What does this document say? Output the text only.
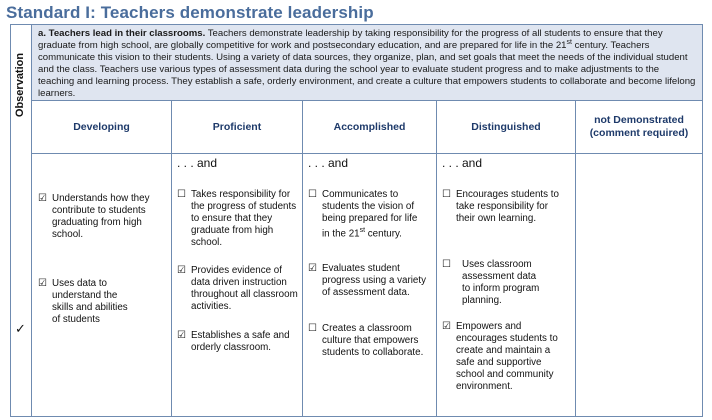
Standard I: Teachers demonstrate leadership
Observation
a. Teachers lead in their classrooms. Teachers demonstrate leadership by taking responsibility for the progress of all students to ensure that they graduate from high school, are globally competitive for work and postsecondary education, and are prepared for life in the 21st century. Teachers communicate this vision to their students. Using a variety of data sources, they organize, plan, and set goals that meet the needs of the individual student and the class. Teachers use various types of assessment data during the school year to evaluate student progress and to make adjustments to the teaching and learning process. They establish a safe, orderly environment, and create a culture that empowers students to collaborate and become lifelong learners.
Developing	Proficient	Accomplished	Distinguished
not Demonstrated
(comment required)
✓
☑ Understands how they contribute to students graduating from high school.
☑ Uses data to understand the skills and abilities of students
. . . and
☐ Takes responsibility for the progress of students to ensure that they graduate from high school.
☑ Provides evidence of data driven instruction throughout all classroom activities.
☑ Establishes a safe and orderly classroom.
. . . and
☐ Communicates to students the vision of being prepared for life in the 21st century.
☑ Evaluates student progress using a variety of assessment data.
☐ Creates a classroom culture that empowers students to collaborate.
. . . and
☐ Encourages students to take responsibility for their own learning.
☐	Uses classroom assessment data to inform program planning.
☑ Empowers and encourages students to create and maintain a safe and supportive school and community environment.
